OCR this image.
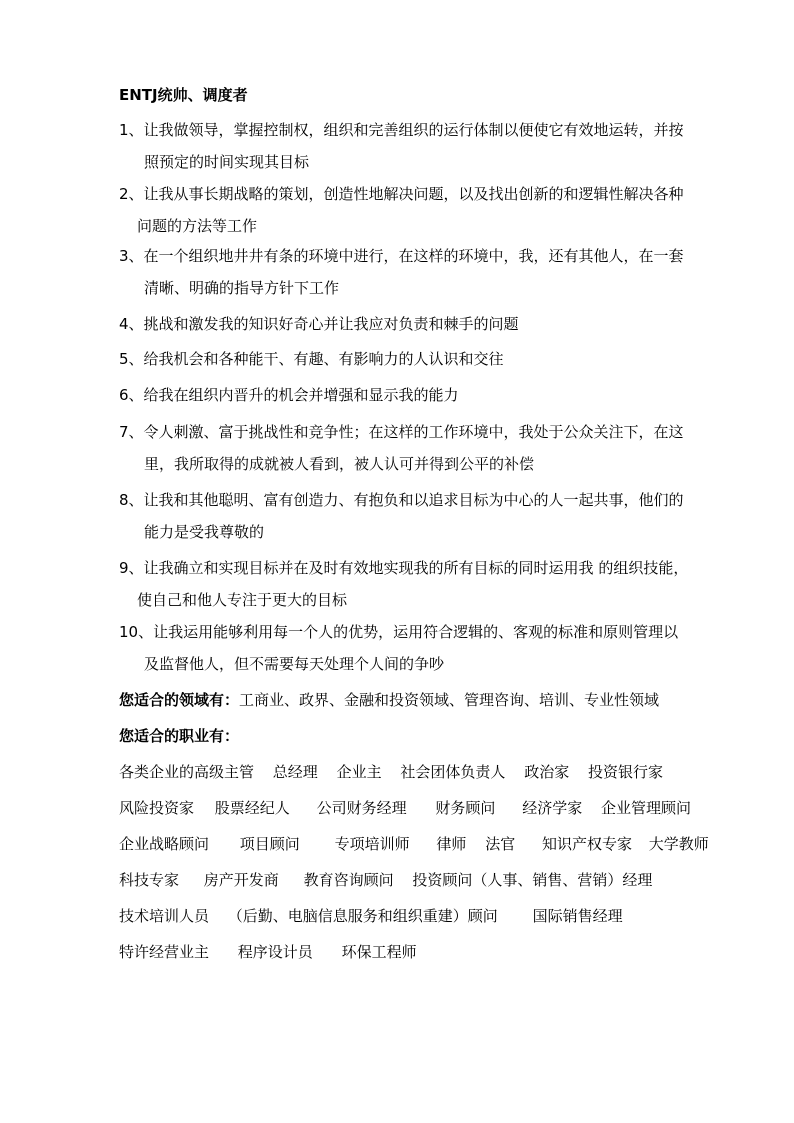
ENTJ统帅、调度者
1、让我做领导，掌握控制权，组织和完善组织的运行体制以便使它有效地运转，并按
照预定的时间实现其目标
2、让我从事长期战略的策划，创造性地解决问题，以及找出创新的和逻辑性解决各种
问题的方法等工作
3、在一个组织地井井有条的环境中进行，在这样的环境中，我，还有其他人，在一套
清晰、明确的指导方针下工作
4、挑战和激发我的知识好奇心并让我应对负责和棘手的问题
5、给我机会和各种能干、有趣、有影响力的人认识和交往
6、给我在组织内晋升的机会并增强和显示我的能力
7、令人刺激、富于挑战性和竞争性；在这样的工作环境中，我处于公众关注下，在这
里，我所取得的成就被人看到，被人认可并得到公平的补偿
8、让我和其他聪明、富有创造力、有抱负和以追求目标为中心的人一起共事，他们的
能力是受我尊敬的
9、让我确立和实现目标并在及时有效地实现我的所有目标的同时运用我 的组织技能，
使自己和他人专注于更大的目标
10、让我运用能够利用每一个人的优势，运用符合逻辑的、客观的标准和原则管理以
及监督他人，但不需要每天处理个人间的争吵
您适合的领域有：工商业、政界、金融和投资领域、管理咨询、培训、专业性领域
您适合的职业有：
各类企业的高级主管 总经理 企业主 社会团体负责人 政治家 投资银行家
风险投资家 股票经纪人 公司财务经理 财务顾问 经济学家 企业管理顾问
企业战略顾问 项目顾问 专项培训师 律师 法官 知识产权专家 大学教师
科技专家 房产开发商 教育咨询顾问 投资顾问（人事、销售、营销）经理
技术培训人员 （后勤、电脑信息服务和组织重建）顾问 国际销售经理
特许经营业主 程序设计员 环保工程师
